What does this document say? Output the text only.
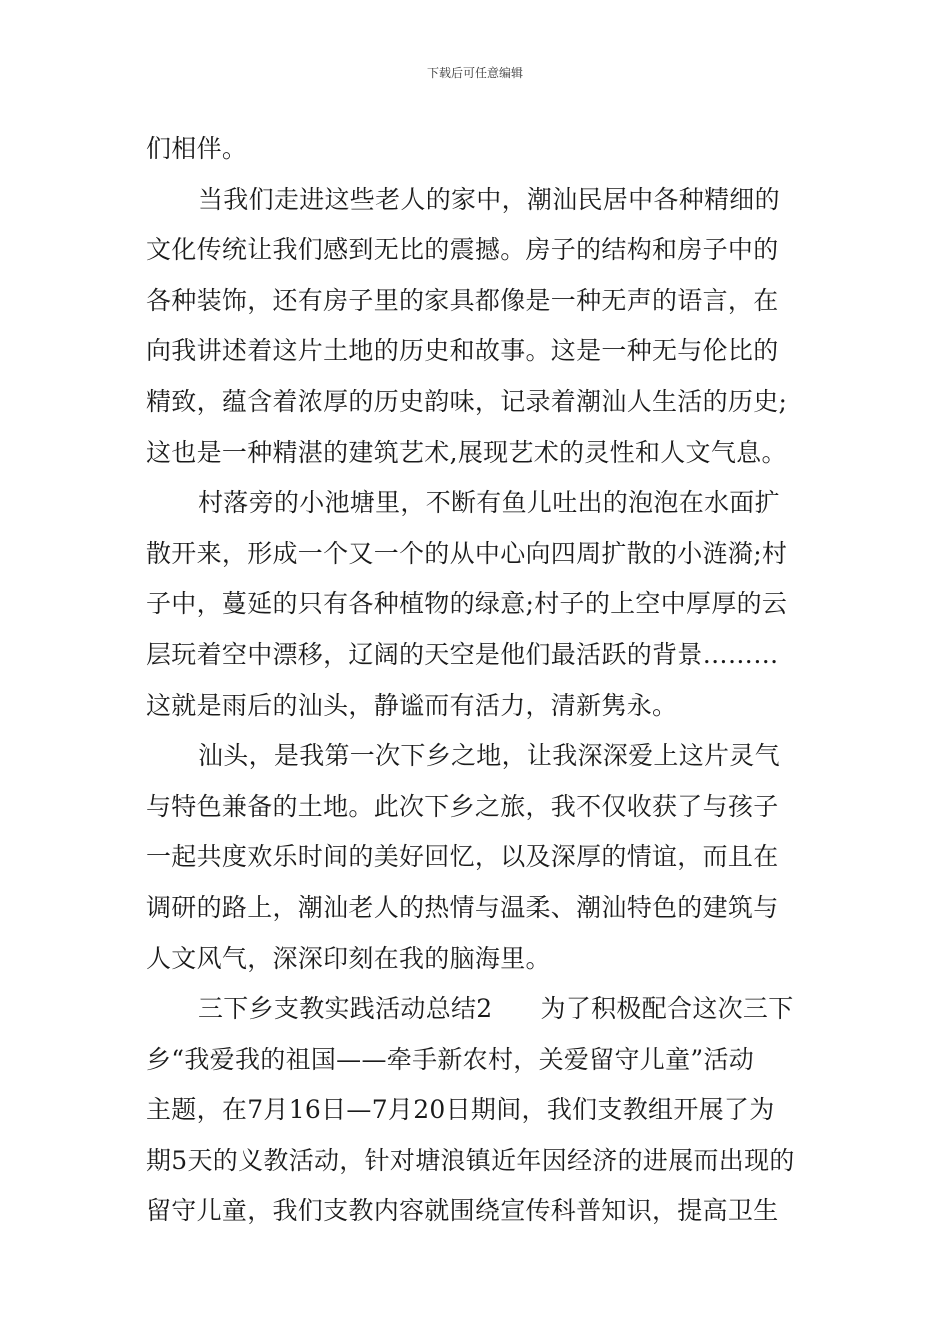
下载后可任意编辑
们相伴。
当我们走进这些老人的家中，潮汕民居中各种精细的
文化传统让我们感到无比的震撼。房子的结构和房子中的
各种装饰，还有房子里的家具都像是一种无声的语言，在
向我讲述着这片土地的历史和故事。这是一种无与伦比的
精致，蕴含着浓厚的历史韵味，记录着潮汕人生活的历史;
这也是一种精湛的建筑艺术,展现艺术的灵性和人文气息。
村落旁的小池塘里，不断有鱼儿吐出的泡泡在水面扩
散开来，形成一个又一个的从中心向四周扩散的小涟漪;村
子中，蔓延的只有各种植物的绿意;村子的上空中厚厚的云
层玩着空中漂移，辽阔的天空是他们最活跃的背景………
这就是雨后的汕头，静谧而有活力，清新隽永。
汕头，是我第一次下乡之地，让我深深爱上这片灵气
与特色兼备的土地。此次下乡之旅，我不仅收获了与孩子
一起共度欢乐时间的美好回忆，以及深厚的情谊，而且在
调研的路上，潮汕老人的热情与温柔、潮汕特色的建筑与
人文风气，深深印刻在我的脑海里。
三下乡支教实践活动总结2 为了积极配合这次三下
乡“我爱我的祖国——牵手新农村，关爱留守儿童”活动
主题，在7月16日—7月20日期间，我们支教组开展了为
期5天的义教活动，针对塘浪镇近年因经济的进展而出现的
留守儿童，我们支教内容就围绕宣传科普知识，提高卫生
